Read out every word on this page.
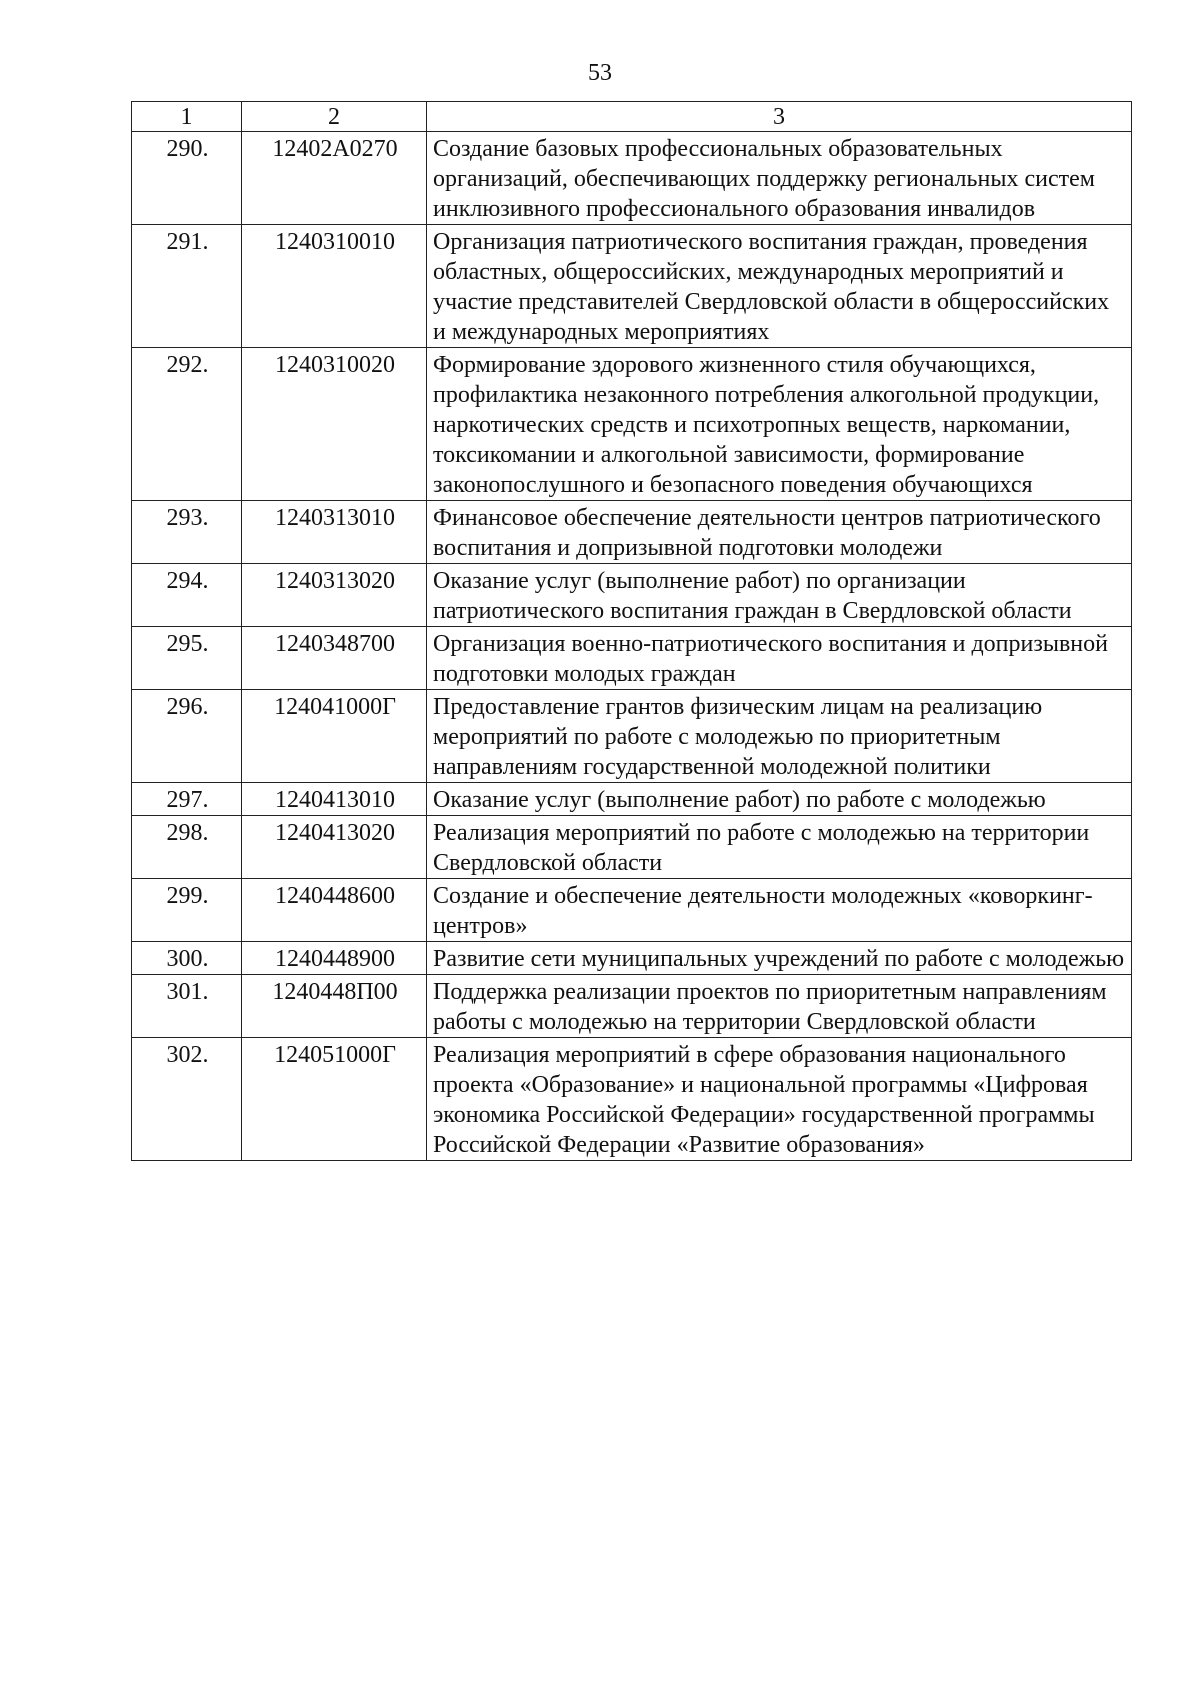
53
1	2	3
290.	12402А0270	Создание базовых профессиональных образовательных организаций, обеспечивающих поддержку региональных систем инклюзивного профессионального образования инвалидов
291.	1240310010	Организация патриотического воспитания граждан, проведения областных, общероссийских, международных мероприятий и участие представителей Свердловской области в общероссийских и международных мероприятиях
292.	1240310020	Формирование здорового жизненного стиля обучающихся, профилактика незаконного потребления алкогольной продукции, наркотических средств и психотропных веществ, наркомании, токсикомании и алкогольной зависимости, формирование законопослушного и безопасного поведения обучающихся
293.	1240313010	Финансовое обеспечение деятельности центров патриотического воспитания и допризывной подготовки молодежи
294.	1240313020	Оказание услуг (выполнение работ) по организации патриотического воспитания граждан в Свердловской области
295.	1240348700	Организация военно-патриотического воспитания и допризывной подготовки молодых граждан
296.	124041000Г	Предоставление грантов физическим лицам на реализацию мероприятий по работе с молодежью по приоритетным направлениям государственной молодежной политики
297.	1240413010	Оказание услуг (выполнение работ) по работе с молодежью
298.	1240413020	Реализация мероприятий по работе с молодежью на территории Свердловской области
299.	1240448600	Создание и обеспечение деятельности молодежных «коворкинг-центров»
300.	1240448900	Развитие сети муниципальных учреждений по работе с молодежью
301.	1240448П00	Поддержка реализации проектов по приоритетным направлениям работы с молодежью на территории Свердловской области
302.	124051000Г	Реализация мероприятий в сфере образования национального проекта «Образование» и национальной программы «Цифровая экономика Российской Федерации» государственной программы Российской Федерации «Развитие образования»
